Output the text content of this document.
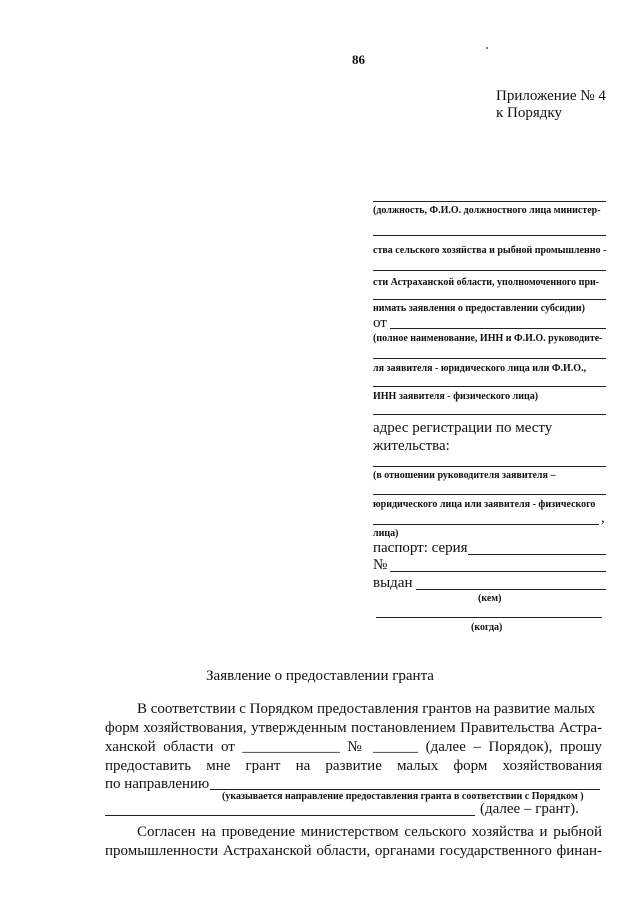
86
Приложение № 4
к Порядку
(должность, Ф.И.О. должностного лица министер-
ства сельского хозяйства и рыбной промышленно -
сти Астраханской области, уполномоченного при-
нимать заявления о предоставлении субсидии)
от
(полное наименование, ИНН и Ф.И.О. руководите-
ля заявителя - юридического лица или Ф.И.О.,
ИНН заявителя - физического лица)
адрес регистрации по месту
жительства:
(в отношении руководителя заявителя –
юридического лица или заявителя - физического
,
лица)
паспорт: серия
№
выдан
(кем)
(когда)
Заявление о предоставлении гранта
В соответствии с Порядком предоставления грантов на развитие малых
форм хозяйствования, утвержденным постановлением Правительства Астра-
ханской области от _____________ № ______ (далее – Порядок), прошу
предоставить мне грант на развитие малых форм хозяйствования
по направлению
(указывается направление предоставления гранта в соответствии с Порядком )
(далее – грант).
Согласен на проведение министерством сельского хозяйства и рыбной
промышленности Астраханской области, органами государственного финан-
